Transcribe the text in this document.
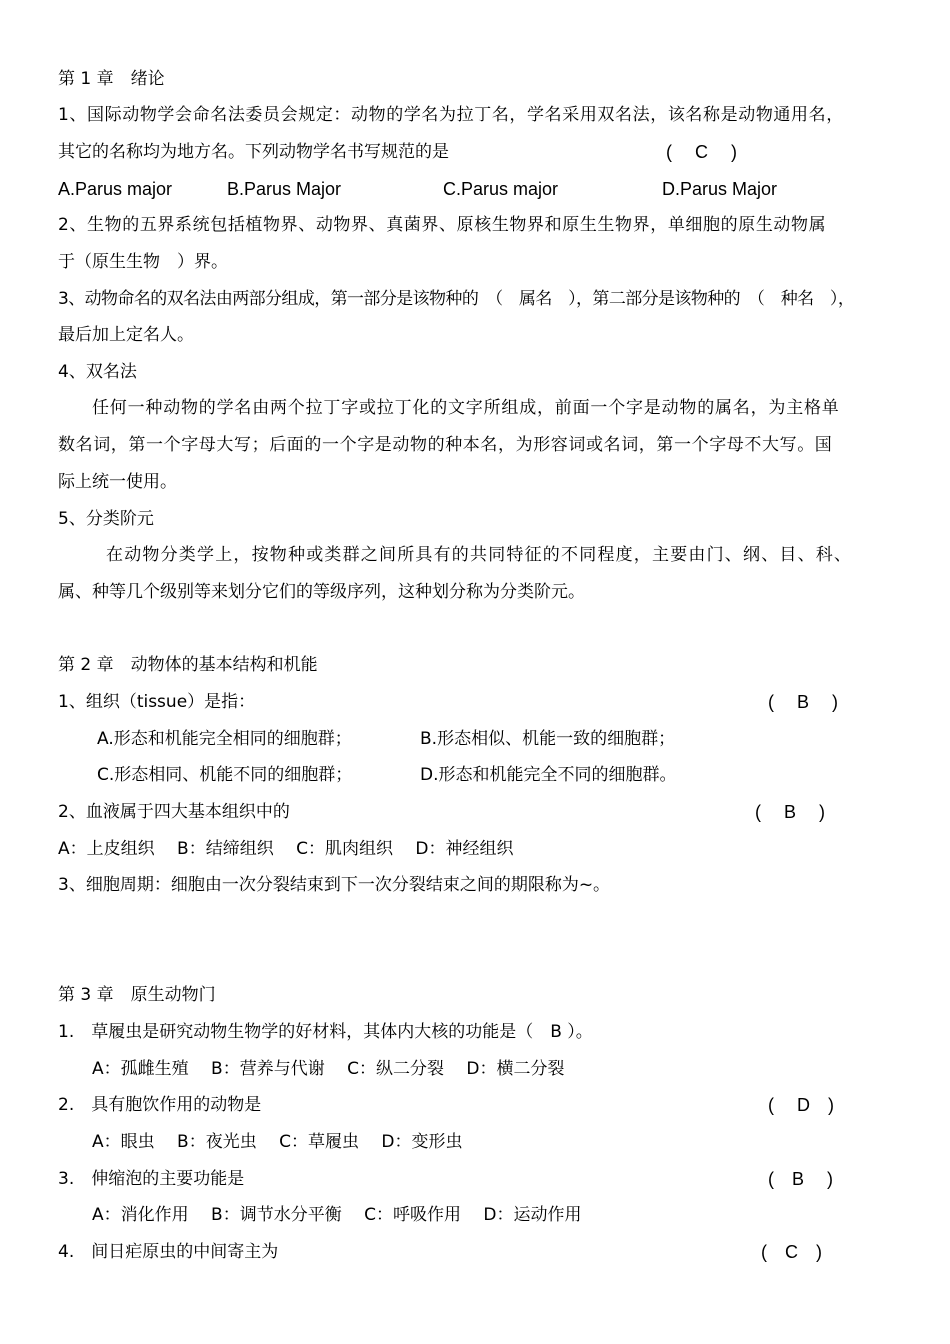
第 1 章　绪论
1、国际动物学会命名法委员会规定：动物的学名为拉丁名，学名采用双名法，该名称是动物通用名，
其它的名称均为地方名。下列动物学名书写规范的是	(　 C　 )
A.Parus major	B.Parus Major	C.Parus major	D.Parus Major
2、生物的五界系统包括植物界、动物界、真菌界、原核生物界和原生生物界，单细胞的原生动物属
于（原生生物　）界。
3、动物命名的双名法由两部分组成，第一部分是该物种的　（　属名　），第二部分是该物种的　（　种名　），
最后加上定名人。
4、双名法
任何一种动物的学名由两个拉丁字或拉丁化的文字所组成，前面一个字是动物的属名，为主格单
数名词，第一个字母大写；后面的一个字是动物的种本名，为形容词或名词，第一个字母不大写。国
际上统一使用。
5、分类阶元
在动物分类学上，按物种或类群之间所具有的共同特征的不同程度，主要由门、纲、目、科、
属、种等几个级别等来划分它们的等级序列，这种划分称为分类阶元。
第 2 章　动物体的基本结构和机能
1、组织（tissue）是指：	(　 B　 )
A.形态和机能完全相同的细胞群；	B.形态相似、机能一致的细胞群；
C.形态相同、机能不同的细胞群；	D.形态和机能完全不同的细胞群。
2、血液属于四大基本组织中的	(　 B　 )
A：上皮组织　 B：结缔组织　 C：肌肉组织　 D：神经组织
3、细胞周期：细胞由一次分裂结束到下一次分裂结束之间的期限称为~。
第 3 章　原生动物门
1.　草履虫是研究动物生物学的好材料，其体内大核的功能是（　B ）。
A：孤雌生殖　 B：营养与代谢　 C：纵二分裂　 D：横二分裂
2.　具有胞饮作用的动物是	(　 D　)
A：眼虫　 B：夜光虫　 C：草履虫　 D：变形虫
3.　伸缩泡的主要功能是	(　B　 )
A：消化作用　 B：调节水分平衡　 C：呼吸作用　 D：运动作用
4.　间日疟原虫的中间寄主为	(　C　)
